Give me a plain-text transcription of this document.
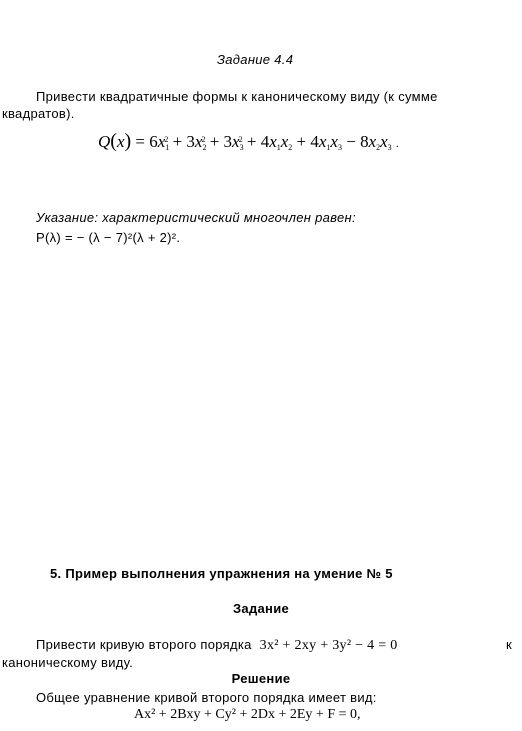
Задание 4.4
Привести квадратичные формы к каноническому виду (к сумме
квадратов).
$Q(x) = 6x_1^2 + 3x_2^2 + 3x_3^2 + 4x_1x_2 + 4x_1x_3 - 8x_2x_3$ .
Указание: характеристический многочлен равен:
P(λ) = − (λ − 7)²(λ + 2)².
5. Пример выполнения упражнения на умение № 5
Задание
Привести кривую второго порядка 3x² + 2xy + 3y² − 4 = 0	к
каноническому виду.
Решение
Общее уравнение кривой второго порядка имеет вид:
Ax² + 2Bxy + Cy² + 2Dx + 2Ey + F = 0,
